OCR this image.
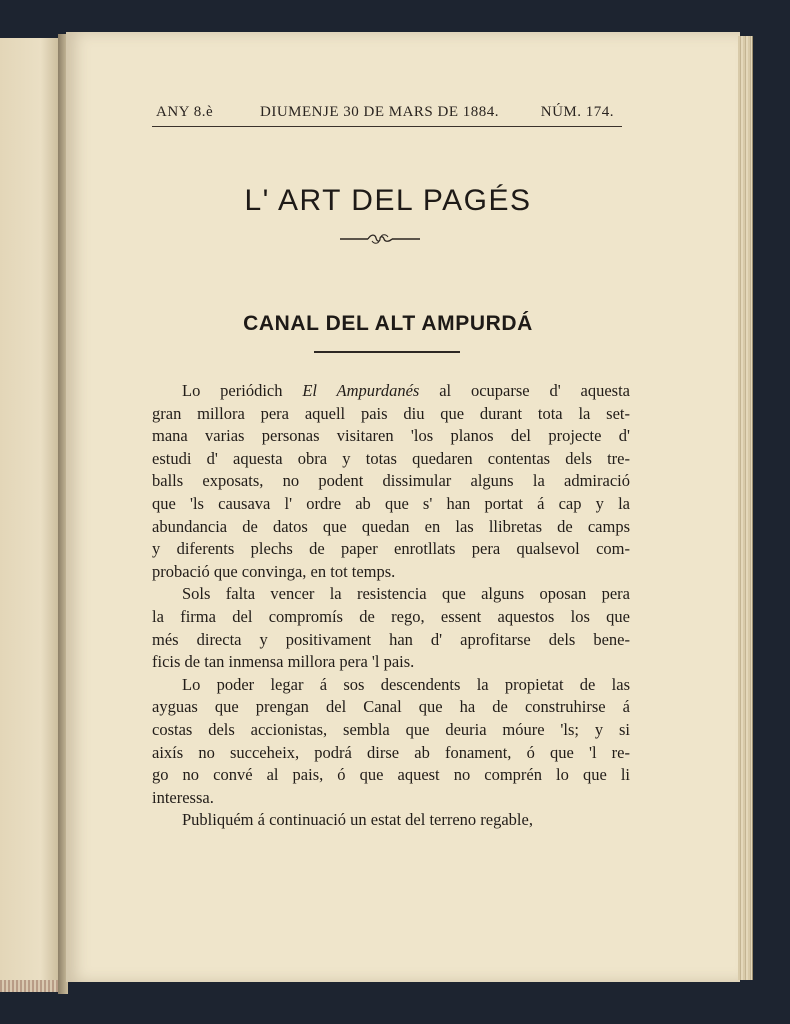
ANY 8.è	DIUMENJE 30 DE MARS DE 1884.	NÚM. 174.
L' ART DEL PAGÉS
CANAL DEL ALT AMPURDÁ
Lo periódich El Ampurdanés al ocuparse d' aquesta
gran millora pera aquell pais diu que durant tota la set-
mana varias personas visitaren 'los planos del projecte d'
estudi d' aquesta obra y totas quedaren contentas dels tre-
balls exposats, no podent dissimular alguns la admiració
que 'ls causava l' ordre ab que s' han portat á cap y la
abundancia de datos que quedan en las llibretas de camps
y diferents plechs de paper enrotllats pera qualsevol com-
probació que convinga, en tot temps.
Sols falta vencer la resistencia que alguns oposan pera
la firma del compromís de rego, essent aquestos los que
més directa y positivament han d' aprofitarse dels bene-
ficis de tan inmensa millora pera 'l pais.
Lo poder legar á sos descendents la propietat de las
ayguas que prengan del Canal que ha de construhirse á
costas dels accionistas, sembla que deuria móure 'ls; y si
aixís no succeheix, podrá dirse ab fonament, ó que 'l re-
go no convé al pais, ó que aquest no comprén lo que li
interessa.
Publiquém á continuació un estat del terreno regable,
